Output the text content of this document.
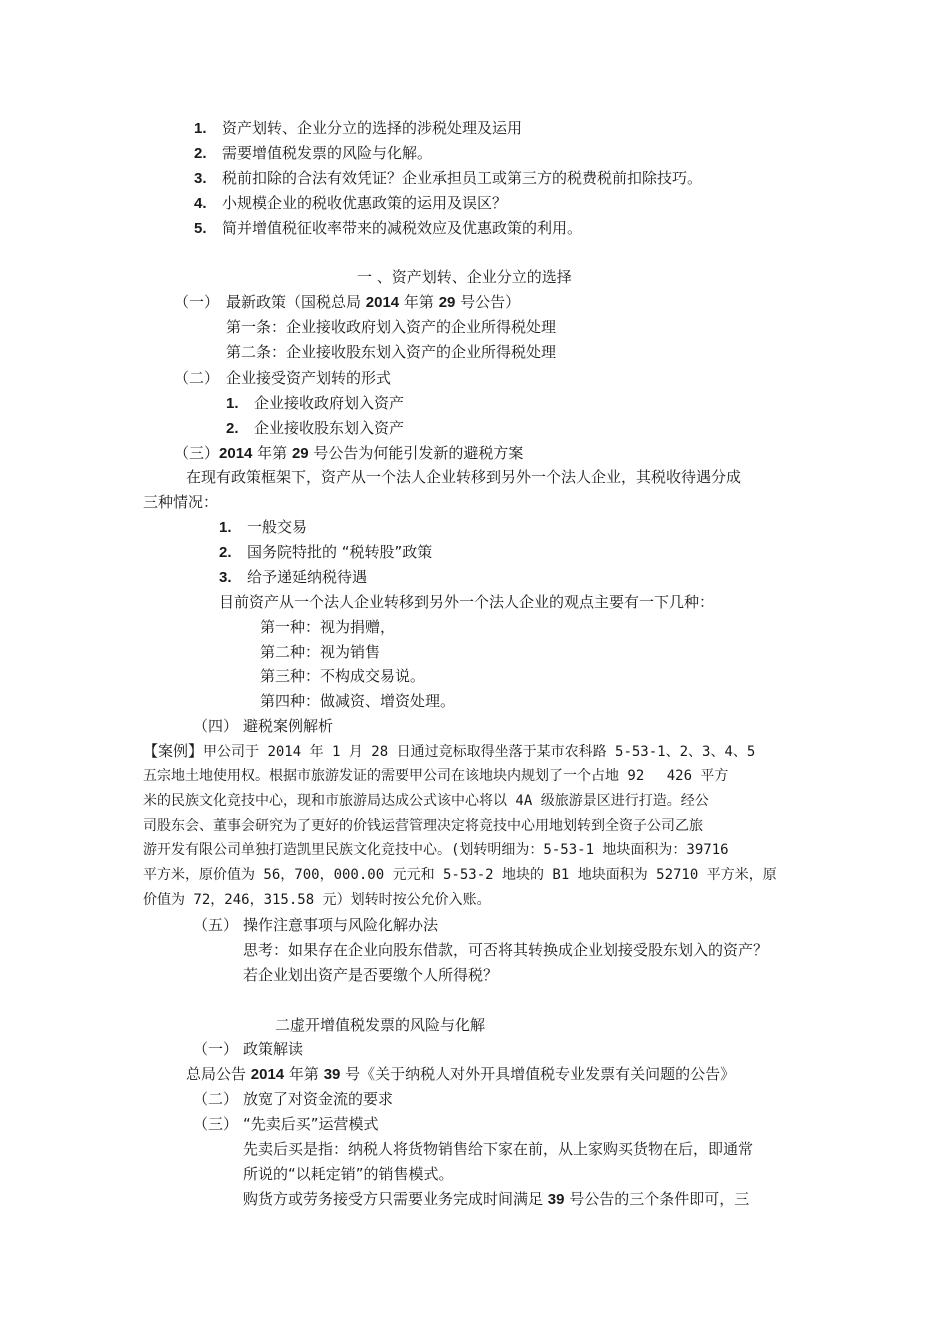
1. 资产划转、企业分立的选择的涉税处理及运用
2. 需要增值税发票的风险与化解。
3. 税前扣除的合法有效凭证？企业承担员工或第三方的税费税前扣除技巧。
4. 小规模企业的税收优惠政策的运用及误区？
5. 简并增值税征收率带来的减税效应及优惠政策的利用。
一 、资产划转、企业分立的选择
（一） 最新政策（国税总局 2014 年第 29 号公告）
第一条：企业接收政府划入资产的企业所得税处理
第二条：企业接收股东划入资产的企业所得税处理
（二） 企业接受资产划转的形式
1. 企业接收政府划入资产
2. 企业接收股东划入资产
（三）2014 年第 29 号公告为何能引发新的避税方案
在现有政策框架下，资产从一个法人企业转移到另外一个法人企业，其税收待遇分成
三种情况：
1. 一般交易
2. 国务院特批的 “税转股”政策
3. 给予递延纳税待遇
目前资产从一个法人企业转移到另外一个法人企业的观点主要有一下几种：
第一种：视为捐赠，
第二种：视为销售
第三种：不构成交易说。
第四种：做减资、增资处理。
（四） 避税案例解析
【案例】甲公司于 2014 年 1 月 28 日通过竞标取得坐落于某市农科路 5-53-1、2、3、4、5
五宗地土地使用权。根据市旅游发证的需要甲公司在该地块内规划了一个占地 92　 426 平方
米的民族文化竞技中心，现和市旅游局达成公式该中心将以 4A 级旅游景区进行打造。经公
司股东会、董事会研究为了更好的价钱运营管理决定将竞技中心用地划转到全资子公司乙旅
游开发有限公司单独打造凯里民族文化竞技中心。(划转明细为：5-53-1 地块面积为：39716
平方米，原价值为 56，700，000.00 元元和 5-53-2 地块的 B1 地块面积为 52710 平方米，原
价值为 72，246，315.58 元）划转时按公允价入账。
（五） 操作注意事项与风险化解办法
思考：如果存在企业向股东借款，可否将其转换成企业划接受股东划入的资产？
若企业划出资产是否要缴个人所得税？
二虚开增值税发票的风险与化解
（一） 政策解读
总局公告 2014 年第 39 号《关于纳税人对外开具增值税专业发票有关问题的公告》
（二） 放宽了对资金流的要求
（三） “先卖后买”运营模式
先卖后买是指：纳税人将货物销售给下家在前，从上家购买货物在后，即通常
所说的“以耗定销”的销售模式。
购货方或劳务接受方只需要业务完成时间满足 39 号公告的三个条件即可，三
